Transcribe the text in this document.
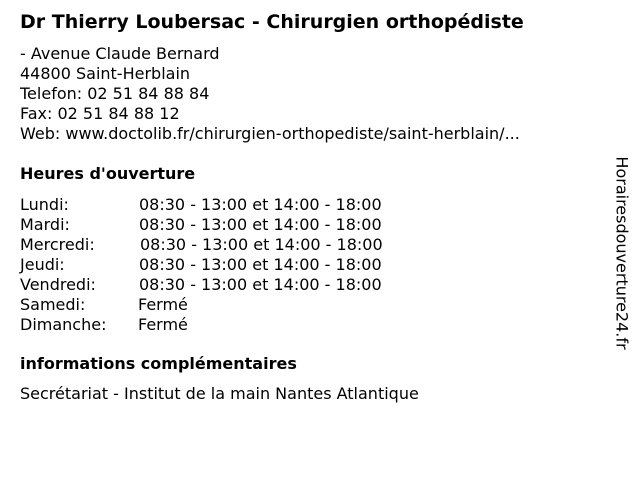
Dr Thierry Loubersac - Chirurgien orthopédiste
- Avenue Claude Bernard
44800 Saint-Herblain
Telefon: 02 51 84 88 84
Fax: 02 51 84 88 12
Web: www.doctolib.fr/chirurgien-orthopediste/saint-herblain/...
Heures d'ouverture
Lundi:	08:30 - 13:00 et 14:00 - 18:00
Mardi:	08:30 - 13:00 et 14:00 - 18:00
Mercredi:	08:30 - 13:00 et 14:00 - 18:00
Jeudi:	08:30 - 13:00 et 14:00 - 18:00
Vendredi:	08:30 - 13:00 et 14:00 - 18:00
Samedi:	Fermé
Dimanche: Fermé
informations complémentaires
Secrétariat - Institut de la main Nantes Atlantique
Horairesdouverture24.fr
